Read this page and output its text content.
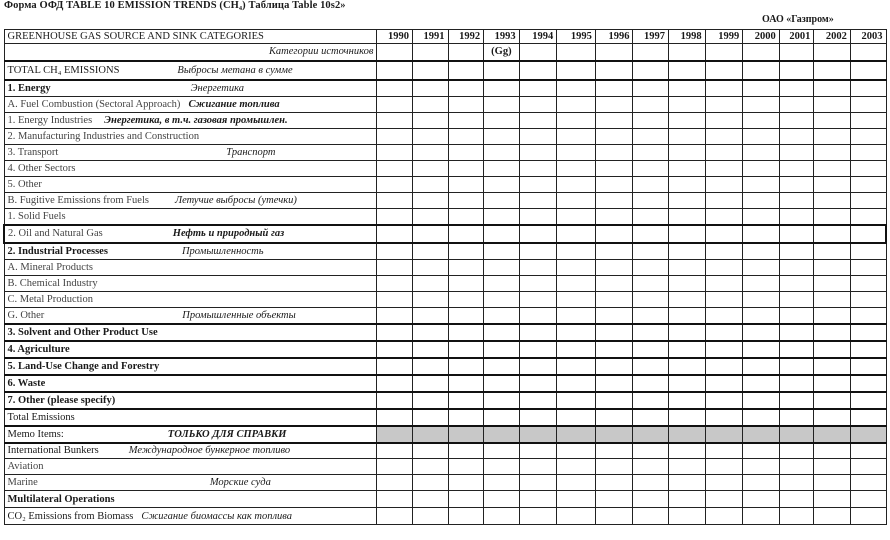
Форма ОФД TABLE 10 EMISSION TRENDS (CH₄) Таблица Table 10s2»
ОАО «Газпром»
GREENHOUSE GAS SOURCE AND SINK CATEGORIES	1990	1991	1992	1993	1994	1995	1996	1997	1998	1999	2000	2001	2002	2003
Категории источников				(Gg)										
TOTAL CH₄ EMISSIONS Выбросы метана в сумме														
1. Energy Энергетика														
A. Fuel Combustion (Sectoral Approach) Сжигание топлива														
1. Energy Industries Энергетика, в т.ч. газовая промышлен.														
2. Manufacturing Industries and Construction														
3. Transport Транспорт														
4. Other Sectors														
5. Other														
B. Fugitive Emissions from Fuels Летучие выбросы (утечки)														
1. Solid Fuels														
2. Oil and Natural Gas Нефть и природный газ														
2. Industrial Processes Промышленность														
A. Mineral Products														
B. Chemical Industry														
C. Metal Production														
G. Other Промышленные объекты														
3. Solvent and Other Product Use														
4. Agriculture														
5. Land-Use Change and Forestry														
6. Waste														
7. Other (please specify)														
Total Emissions														
Memo Items: ТОЛЬКО ДЛЯ СПРАВКИ														
International Bunkers Международное бункерное топливо														
Aviation														
Marine Морские суда														
Multilateral Operations														
CO₂ Emissions from Biomass Сжигание биомассы как топлива														
